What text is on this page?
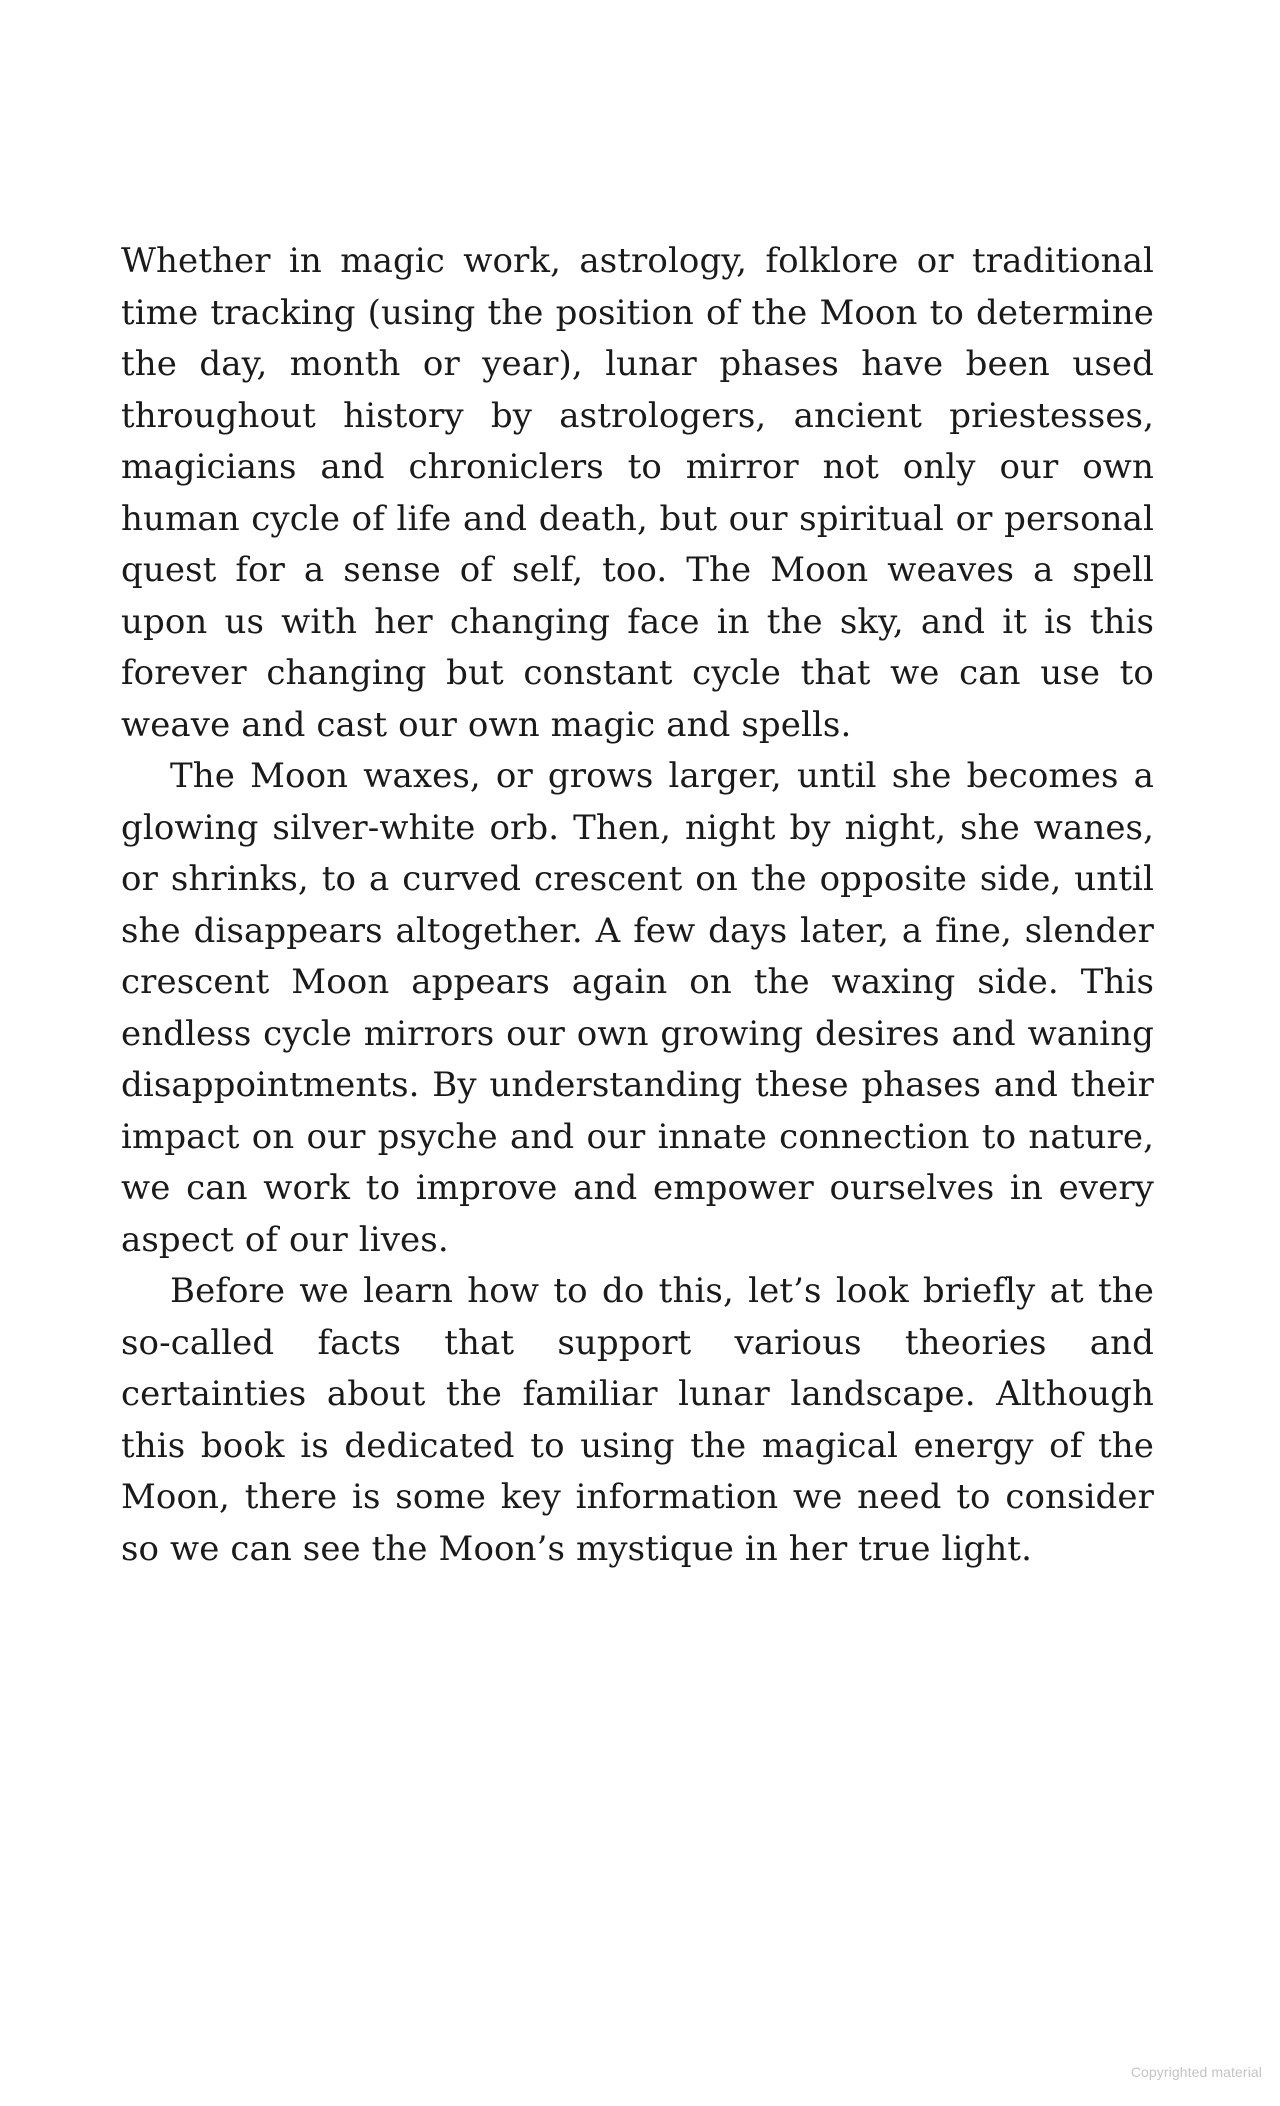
Whether in magic work, astrology, folklore or traditional time tracking (using the position of the Moon to determine the day, month or year), lunar phases have been used throughout history by astrologers, ancient priestesses, magicians and chroniclers to mirror not only our own human cycle of life and death, but our spiritual or personal quest for a sense of self, too. The Moon weaves a spell upon us with her changing face in the sky, and it is this forever changing but constant cycle that we can use to weave and cast our own magic and spells.

The Moon waxes, or grows larger, until she becomes a glowing silver-white orb. Then, night by night, she wanes, or shrinks, to a curved crescent on the opposite side, until she disappears altogether. A few days later, a fine, slender crescent Moon appears again on the waxing side. This endless cycle mirrors our own growing desires and waning disappointments. By understanding these phases and their impact on our psyche and our innate connection to nature, we can work to improve and empower ourselves in every aspect of our lives.

Before we learn how to do this, let’s look briefly at the so-called facts that support various theories and certainties about the familiar lunar landscape. Although this book is dedicated to using the magical energy of the Moon, there is some key information we need to consider so we can see the Moon’s mystique in her true light.

Copyrighted material
